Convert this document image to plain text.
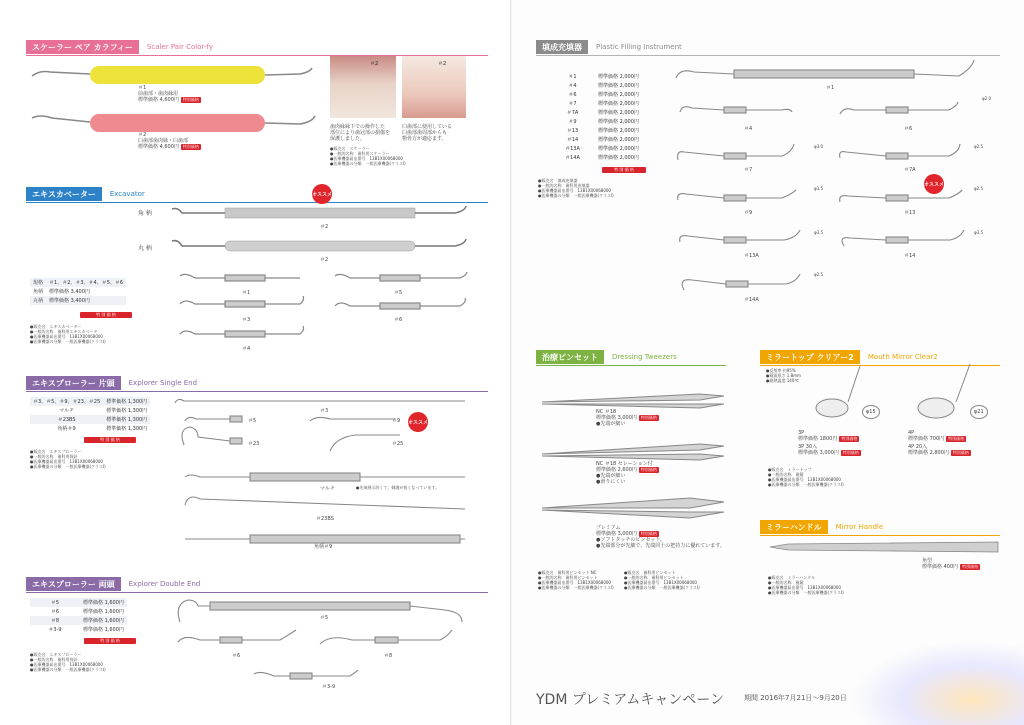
スケーラー ペア カラフィー	Scaler Pair Color-fy
＃1
前歯部・歯肉縁用
標準価格 4,600円 特別価格
＃2
臼歯部歯肉縁・臼歯部
標準価格 4,600円 特別価格
＃2
歯肉縁縁下での操作した
部位により歯冠部の損傷を
保護しました。
＃2
臼歯部に使用している
臼歯部歯周部からも
顎骨方が適応ます。
●販売名　スケーラー
●一般的名称　歯科用スケーラー
●医療機器届出番号　13B1X00068000
●医療機器の分類　一般医療機器(クラスⅠ)
エキスカベーター	Excavator
角 柄
＃2
オススメ
丸 柄
＃2
規格	＃1、＃2、＃3、＃4、＃5、＃6
角柄	標準価格 3,400円
丸柄	標準価格 3,400円
特 別 価 格
＃1	＃5
＃3	＃6
＃4
●販売名　エキスカベーター
●一般的名称　歯科用エキスカベータ
●医療機器届出番号　13B1X00068000
●医療機器の分類　一般医療機器(クラスⅠ)
エキスプローラー 片頭	Explorer Single End
＃3、＃5、＃9、＃23、＃25	標準価格 1,300円
マルチ	標準価格 1,300円
＃23BS	標準価格 1,300円
角柄＃9	標準価格 1,300円
特 別 価 格
●販売名　エキスプローラー
●一般的名称　歯科用探針
●医療機器届出番号　13B1X00068000
●医療機器の分類　一般医療機器(クラスⅠ)
＃3
＃5	＃9
＃23	＃25
マルチ	●先端展示的くて、刺激が低くなっています。
＃23BS
角柄＃9
オススメ
エキスプローラー 両頭	Explorer Double End
＃5	標準価格 1,600円
＃6	標準価格 1,600円
＃8	標準価格 1,600円
＃3-9	標準価格 1,600円
特 別 価 格
●販売名　エキスプローラー
●一般的名称　歯科用探針
●医療機器届出番号　13B1X00068000
●医療機器の分類　一般医療機器(クラスⅠ)
＃5
＃6	＃8
＃3-9
填成充填器	Plastic Filling Instrument
＃1	標準価格 2,000円
＃4	標準価格 2,000円
＃6	標準価格 2,000円
＃7	標準価格 2,000円
＃7A	標準価格 2,000円
＃9	標準価格 2,000円
＃13	標準価格 2,000円
＃14	標準価格 2,000円
＃13A	標準価格 2,000円
＃14A	標準価格 2,000円
特 別 価 格
●販売名　填成充填器
●一般的名称　歯科用充填器
●医療機器届出番号　13B1X00068000
●医療機器の分類　一般医療機器(クラスⅠ)
＃1
＃4	＃6
＃7	＃7A
＃9	＃13
＃13A	＃14
＃14A
φ2.0
φ3.0	φ2.5
φ3.5	φ2.5
φ3.5	φ3.5
φ2.5
オススメ
治療ピンセット	Dressing Tweezers
NC ＃18
標準価格 3,000円 特別価格
●先端が細い
NC ＃18 セレーション付
標準価格 2,600円 特別価格
●先端が細い
●滑りにくい
プレミアム
標準価格 3,000円 特別価格
●ソフトタッチのピンセット。
●先端部分が先細で、先端同士の把持力に優れています。
●販売名　歯科用ピンセット NC
●一般的名称　歯科用ピンセット
●医療機器届出番号　13B1X00068000
●医療機器の分類　一般医療機器(クラスⅠ)
●販売名　歯科用ピンセット
●一般的名称　歯科用ピンセット
●医療機器届出番号　13B1X00068000
●医療機器の分類　一般医療機器(クラスⅠ)
ミラートップ クリアー2	Mouth Mirror Clear2
●反射率 約95%
●鏡面厚さ 1.8mm
●耐熱温度 140℃
φ15	φ21
3P
標準価格 1800円 特別価格
3P 30入
標準価格 3,000円 特別価格
4P
標準価格 700円 特別価格
4P 20入
標準価格 2,800円 特別価格
●販売名　ミラートップ
●一般的名称　歯鏡
●医療機器届出番号　13B1X00068000
●医療機器の分類　一般医療機器(クラスⅠ)
ミラーハンドル	Mirror Handle
角型
標準価格 400円 特別価格
●販売名　ミラーハンドル
●一般的名称　歯鏡
●医療機器届出番号　13B1X00068000
●医療機器の分類　一般医療機器(クラスⅠ)
YDM プレミアムキャンペーン	期間 2016年7月21日～9月20日
